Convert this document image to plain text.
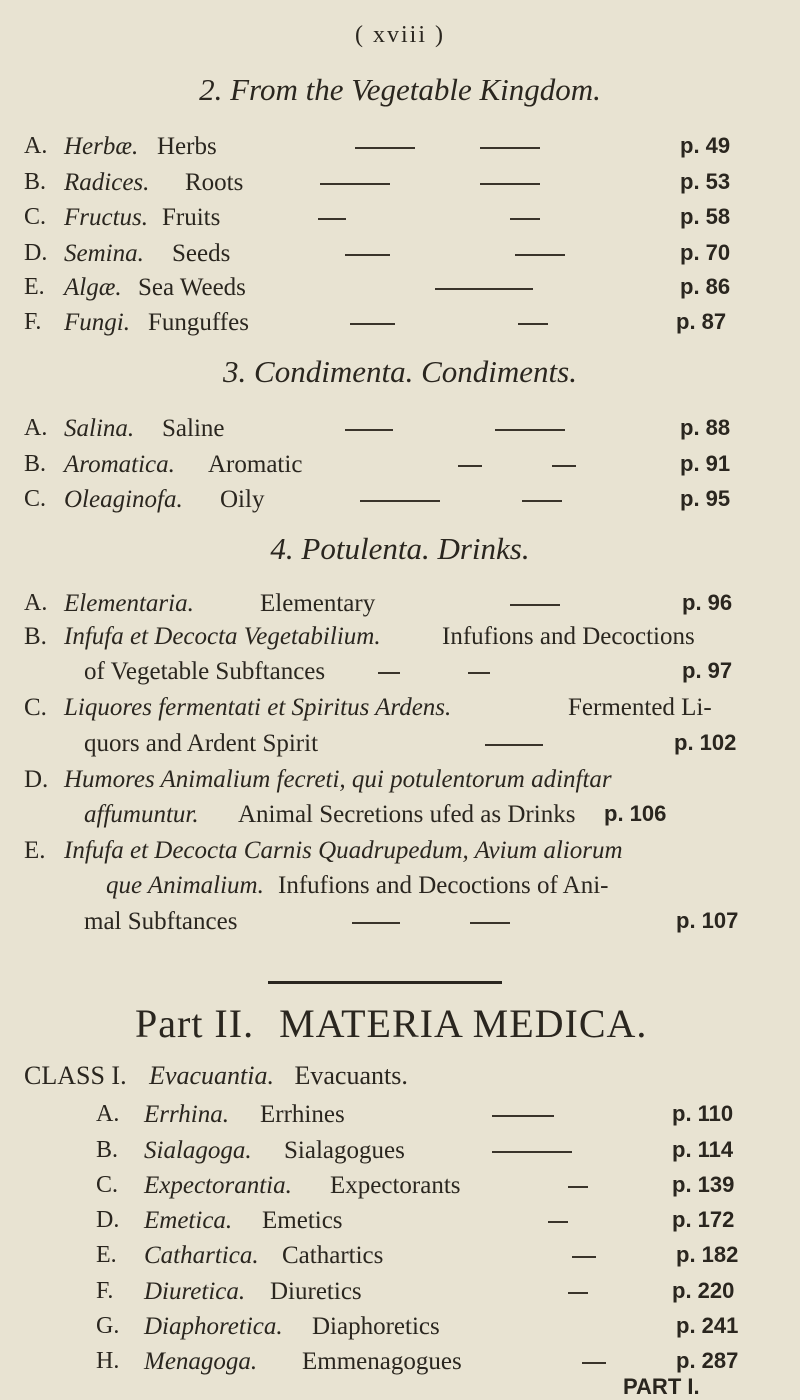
( xviii )
2. From the Vegetable Kingdom.
A. Herbæ. Herbs	p. 49
B. Radices. Roots	p. 53
C. Fructus. Fruits	p. 58
D. Semina. Seeds	p. 70
E. Algæ. Sea Weeds	p. 86
F. Fungi. Funguffes	p. 87
3. Condimenta. Condiments.
A. Salina. Saline	p. 88
B. Aromatica. Aromatic	p. 91
C. Oleaginofa. Oily	p. 95
4. Potulenta. Drinks.
A. Elementaria.	Elementary	p. 96
B. Infufa et Decocta Vegetabilium. Infufions and Decoctions
of Vegetable Subftances	p. 97
C. Liquores fermentati et Spiritus Ardens.	Fermented Li-
quors and Ardent Spirit	p. 102
D. Humores Animalium fecreti, qui potulentorum adinftar
affumuntur. Animal Secretions ufed as Drinks p. 106
E. Infufa et Decocta Carnis Quadrupedum, Avium aliorum
que Animalium. Infufions and Decoctions of Ani-
mal Subftances	p. 107
Part II. MATERIA MEDICA.
CLASS I. Evacuantia. Evacuants.
A. Errhina. Errhines	p. 110
B. Sialagoga. Sialagogues	p. 114
C. Expectorantia. Expectorants	p. 139
D. Emetica. Emetics	p. 172
E. Cathartica. Cathartics	p. 182
F. Diuretica. Diuretics	p. 220
G. Diaphoretica. Diaphoretics	p. 241
H. Menagoga. Emmenagogues	p. 287
PART I.
